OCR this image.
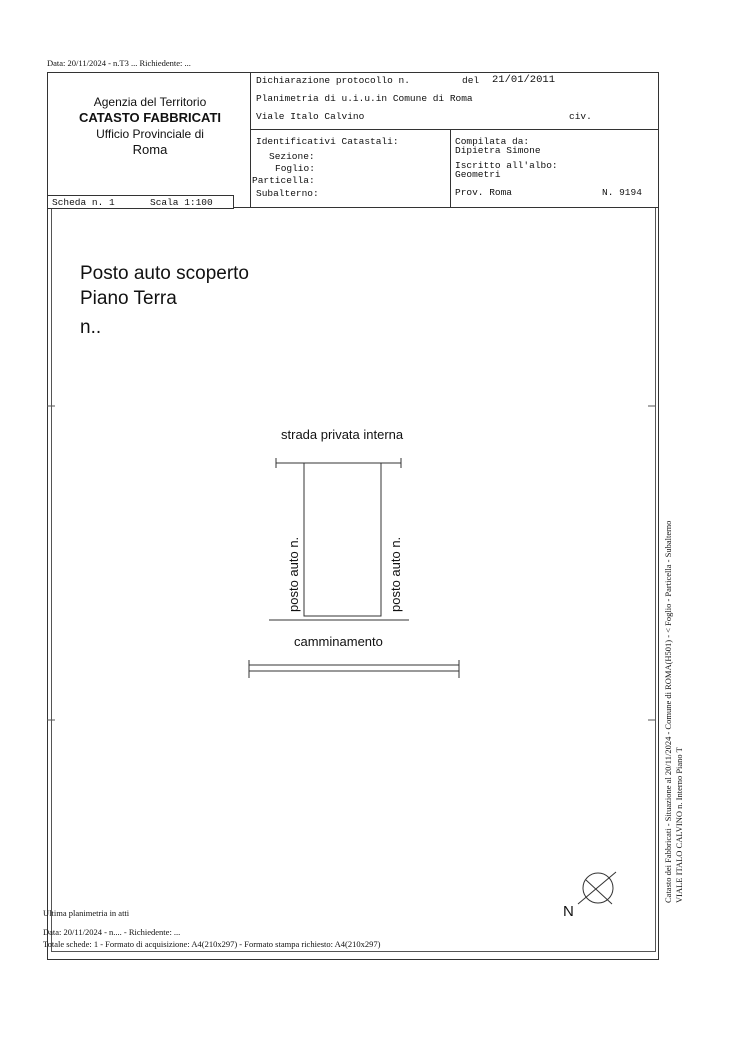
Data: 20/11/2024 - n.T3 ... Richiedente: ...
Agenzia del Territorio
CATASTO FABBRICATI
Ufficio Provinciale di
Roma
Dichiarazione protocollo n.	del 21/01/2011
Planimetria di u.i.u.in Comune di Roma
Viale Italo Calvino	civ.
Identificativi Catastali:
Sezione:
Foglio:
Particella:
Subalterno:
Compilata da:
Dipietra Simone
Iscritto all'albo:
Geometri
Prov. Roma	N. 9194
Scheda n. 1	Scala 1:100
Posto auto scoperto
Piano Terra
n..
strada privata interna
posto auto n.	posto auto n.
camminamento
N
Catasto dei Fabbricati - Situazione al 20/11/2024 - Comune di ROMA(H501) - < Foglio - Particella - Subalterno VIALE ITALO CALVINO n. Interno Piano T
Ultima planimetria in atti
Data: 20/11/2024 - n.... - Richiedente: ...
Totale schede: 1 - Formato di acquisizione: A4(210x297) - Formato stampa richiesto: A4(210x297)
